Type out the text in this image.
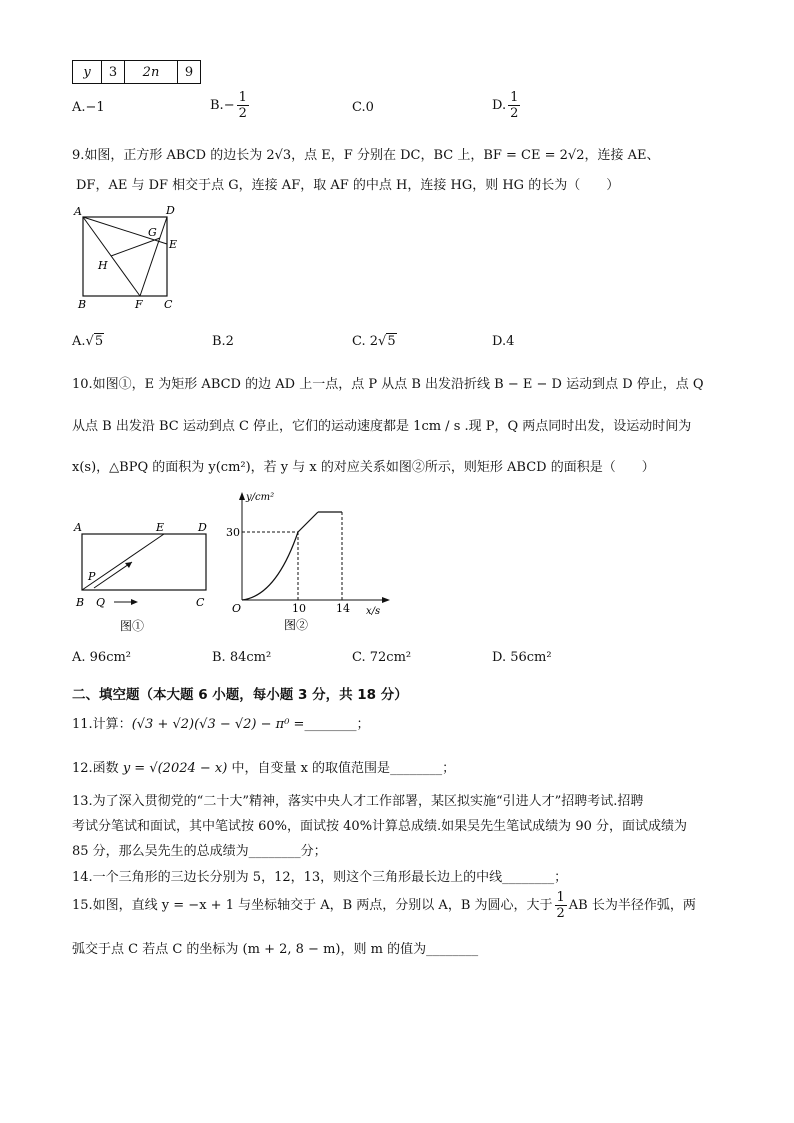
y	3	2n	9
A.−1	$B.- \frac{1}{2}$	C.0	D. $\frac{1}{2}$
9.如图，正方形 ABCD 的边长为 2√3，点 E，F 分别在 DC，BC 上，BF = CE = 2√2，连接 AE、
DF，AE 与 DF 相交于点 G，连接 AF，取 AF 的中点 H，连接 HG，则 HG 的长为（　　）
A	D
G
E
H
B	F C
A.√5	B.2	C. 2√5	D.4
10.如图①，E 为矩形 ABCD 的边 AD 上一点，点 P 从点 B 出发沿折线 B − E − D 运动到点 D 停止，点 Q
从点 B 出发沿 BC 运动到点 C 停止，它们的运动速度都是 1cm / s .现 P，Q 两点同时出发，设运动时间为
x(s)，△BPQ 的面积为 y(cm²)，若 y 与 x 的对应关系如图②所示，则矩形 ABCD 的面积是（　　）
A	E	D
P
B Q	C
图①
y/cm²
30
O	10	14 x/s
图②
A. 96cm²	B. 84cm²	C. 72cm²	D. 56cm²
二、填空题（本大题 6 小题，每小题 3 分，共 18 分）
11.计算：(√3 + √2)(√3 − √2) − π⁰ =________；
12.函数 y = √(2024 − x) 中，自变量 x 的取值范围是________；
13.为了深入贯彻党的“二十大”精神，落实中央人才工作部署，某区拟实施“引进人才”招聘考试.招聘
考试分笔试和面试，其中笔试按 60%，面试按 40%计算总成绩.如果吴先生笔试成绩为 90 分，面试成绩为
85 分，那么吴先生的总成绩为________分；
14.一个三角形的三边长分别为 5，12，13，则这个三角形最长边上的中线________；
15.如图，直线 y = −x + 1 与坐标轴交于 A，B 两点，分别以 A，B 为圆心，大于 $\frac{1}{2}$ AB 长为半径作弧，两
弧交于点 C 若点 C 的坐标为 (m + 2, 8 − m)，则 m 的值为________
